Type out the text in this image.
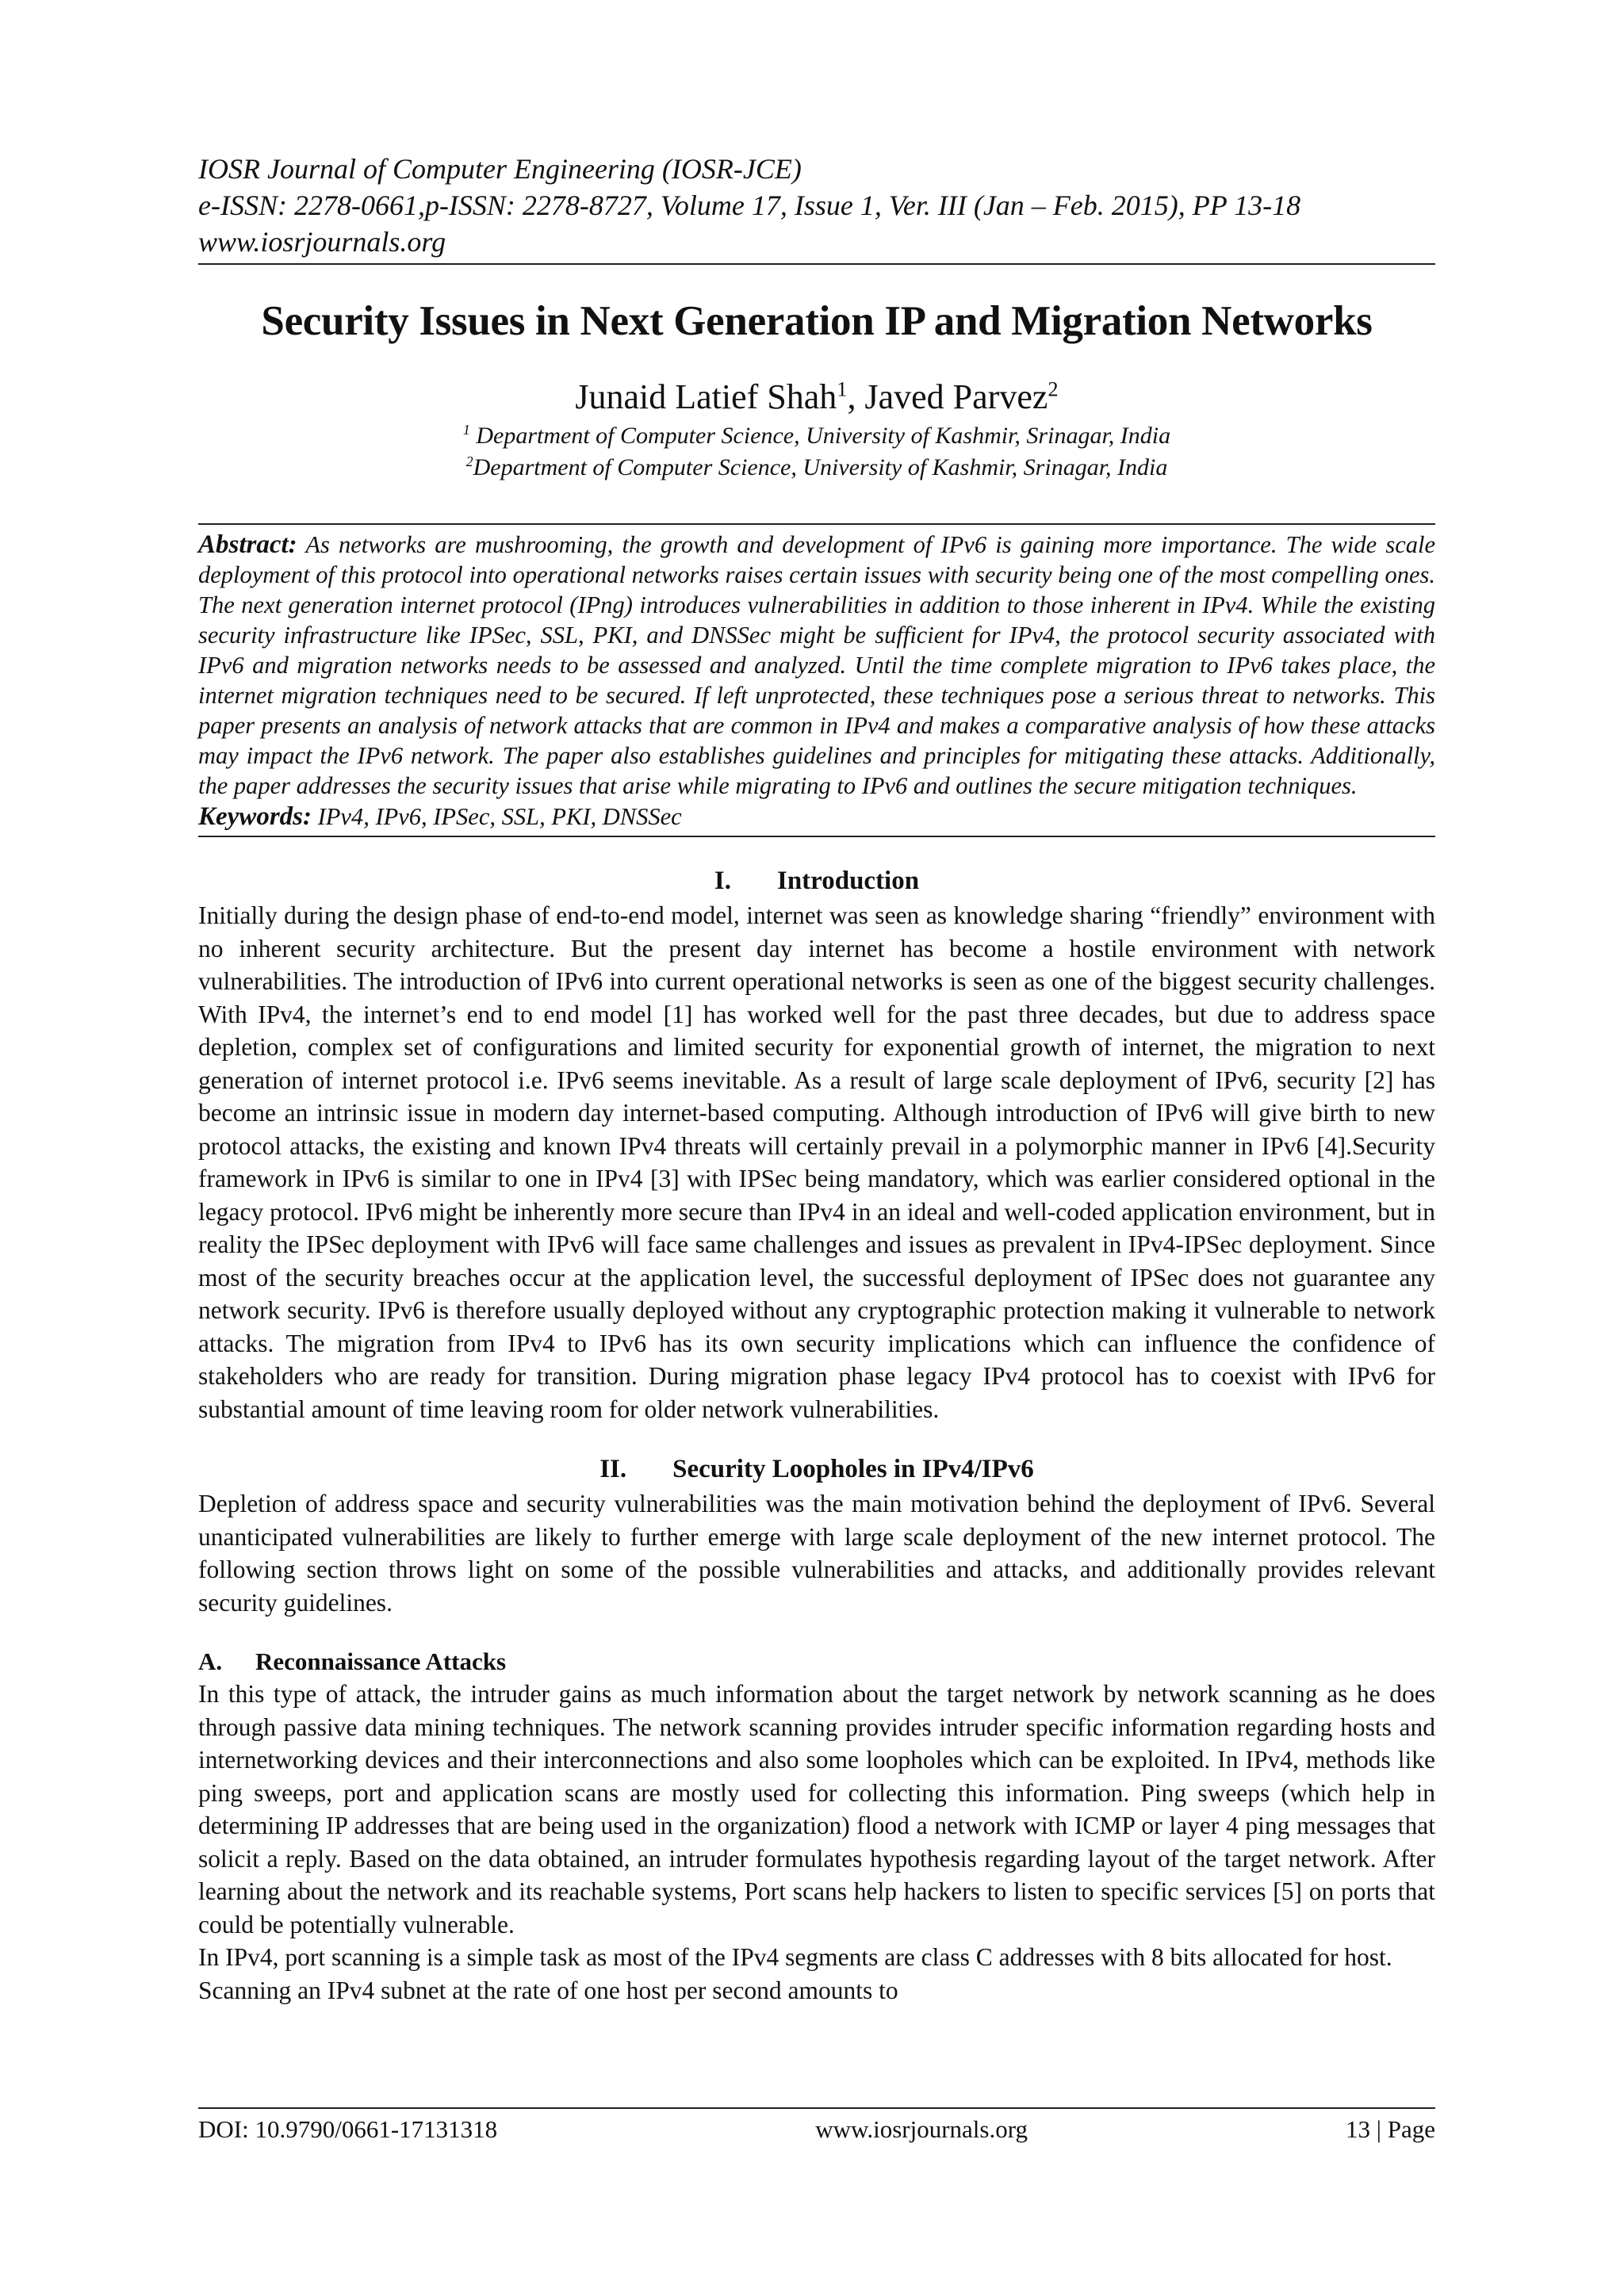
IOSR Journal of Computer Engineering (IOSR-JCE)
e-ISSN: 2278-0661,p-ISSN: 2278-8727, Volume 17, Issue 1, Ver. III (Jan – Feb. 2015), PP 13-18
www.iosrjournals.org
Security Issues in Next Generation IP and Migration Networks
Junaid Latief Shah$^1$, Javed Parvez$^2$
$^1$ Department of Computer Science, University of Kashmir, Srinagar, India
$^2$Department of Computer Science, University of Kashmir, Srinagar, India

Abstract: As networks are mushrooming, the growth and development of IPv6 is gaining more importance. The wide scale deployment of this protocol into operational networks raises certain issues with security being one of the most compelling ones. The next generation internet protocol (IPng) introduces vulnerabilities in addition to those inherent in IPv4. While the existing security infrastructure like IPSec, SSL, PKI, and DNSSec might be sufficient for IPv4, the protocol security associated with IPv6 and migration networks needs to be assessed and analyzed. Until the time complete migration to IPv6 takes place, the internet migration techniques need to be secured. If left unprotected, these techniques pose a serious threat to networks. This paper presents an analysis of network attacks that are common in IPv4 and makes a comparative analysis of how these attacks may impact the IPv6 network. The paper also establishes guidelines and principles for mitigating these attacks. Additionally, the paper addresses the security issues that arise while migrating to IPv6 and outlines the secure mitigation techniques.

Keywords: IPv4, IPv6, IPSec, SSL, PKI, DNSSec

I. Introduction

Initially during the design phase of end-to-end model, internet was seen as knowledge sharing “friendly” environment with no inherent security architecture. But the present day internet has become a hostile environment with network vulnerabilities. The introduction of IPv6 into current operational networks is seen as one of the biggest security challenges. With IPv4, the internet’s end to end model [1] has worked well for the past three decades, but due to address space depletion, complex set of configurations and limited security for exponential growth of internet, the migration to next generation of internet protocol i.e. IPv6 seems inevitable. As a result of large scale deployment of IPv6, security [2] has become an intrinsic issue in modern day internet-based computing. Although introduction of IPv6 will give birth to new protocol attacks, the existing and known IPv4 threats will certainly prevail in a polymorphic manner in IPv6 [4].Security framework in IPv6 is similar to one in IPv4 [3] with IPSec being mandatory, which was earlier considered optional in the legacy protocol. IPv6 might be inherently more secure than IPv4 in an ideal and well-coded application environment, but in reality the IPSec deployment with IPv6 will face same challenges and issues as prevalent in IPv4-IPSec deployment. Since most of the security breaches occur at the application level, the successful deployment of IPSec does not guarantee any network security. IPv6 is therefore usually deployed without any cryptographic protection making it vulnerable to network attacks. The migration from IPv4 to IPv6 has its own security implications which can influence the confidence of stakeholders who are ready for transition. During migration phase legacy IPv4 protocol has to coexist with IPv6 for substantial amount of time leaving room for older network vulnerabilities.

II. Security Loopholes in IPv4/IPv6

Depletion of address space and security vulnerabilities was the main motivation behind the deployment of IPv6. Several unanticipated vulnerabilities are likely to further emerge with large scale deployment of the new internet protocol. The following section throws light on some of the possible vulnerabilities and attacks, and additionally provides relevant security guidelines.

A. Reconnaissance Attacks

In this type of attack, the intruder gains as much information about the target network by network scanning as he does through passive data mining techniques. The network scanning provides intruder specific information regarding hosts and internetworking devices and their interconnections and also some loopholes which can be exploited. In IPv4, methods like ping sweeps, port and application scans are mostly used for collecting this information. Ping sweeps (which help in determining IP addresses that are being used in the organization) flood a network with ICMP or layer 4 ping messages that solicit a reply. Based on the data obtained, an intruder formulates hypothesis regarding layout of the target network. After learning about the network and its reachable systems, Port scans help hackers to listen to specific services [5] on ports that could be potentially vulnerable.

In IPv4, port scanning is a simple task as most of the IPv4 segments are class C addresses with 8 bits allocated for host. Scanning an IPv4 subnet at the rate of one host per second amounts to

DOI: 10.9790/0661-17131318	www.iosrjournals.org	13 | Page
